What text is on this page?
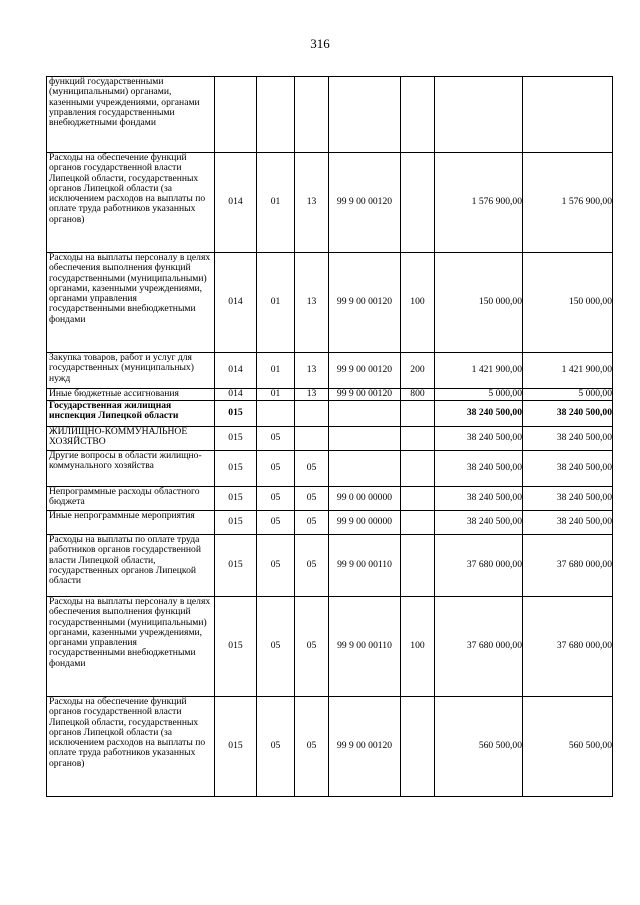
316
функций государственными (муниципальными) органами, казенными учреждениями, органами управления государственными внебюджетными фондами							
Расходы на обеспечение функций органов государственной власти Липецкой области, государственных органов Липецкой области (за исключением расходов на выплаты по оплате труда работников указанных органов)	014	01	13	99 9 00 00120		1 576 900,00	1 576 900,00
Расходы на выплаты персоналу в целях обеспечения выполнения функций государственными (муниципальными) органами, казенными учреждениями, органами управления государственными внебюджетными фондами	014	01	13	99 9 00 00120	100	150 000,00	150 000,00
Закупка товаров, работ и услуг для государственных (муниципальных) нужд	014	01	13	99 9 00 00120	200	1 421 900,00	1 421 900,00
Иные бюджетные ассигнования	014	01	13	99 9 00 00120	800	5 000,00	5 000,00
Государственная жилищная инспекция Липецкой области	015					38 240 500,00	38 240 500,00
ЖИЛИЩНО-КОММУНАЛЬНОЕ ХОЗЯЙСТВО	015	05				38 240 500,00	38 240 500,00
Другие вопросы в области жилищно-коммунального хозяйства	015	05	05			38 240 500,00	38 240 500,00
Непрограммные расходы областного бюджета	015	05	05	99 0 00 00000		38 240 500,00	38 240 500,00
Иные непрограммные мероприятия	015	05	05	99 9 00 00000		38 240 500,00	38 240 500,00
Расходы на выплаты по оплате труда работников органов государственной власти Липецкой области, государственных органов Липецкой области	015	05	05	99 9 00 00110		37 680 000,00	37 680 000,00
Расходы на выплаты персоналу в целях обеспечения выполнения функций государственными (муниципальными) органами, казенными учреждениями, органами управления государственными внебюджетными фондами	015	05	05	99 9 00 00110	100	37 680 000,00	37 680 000,00
Расходы на обеспечение функций органов государственной власти Липецкой области, государственных органов Липецкой области (за исключением расходов на выплаты по оплате труда работников указанных органов)	015	05	05	99 9 00 00120		560 500,00	560 500,00
